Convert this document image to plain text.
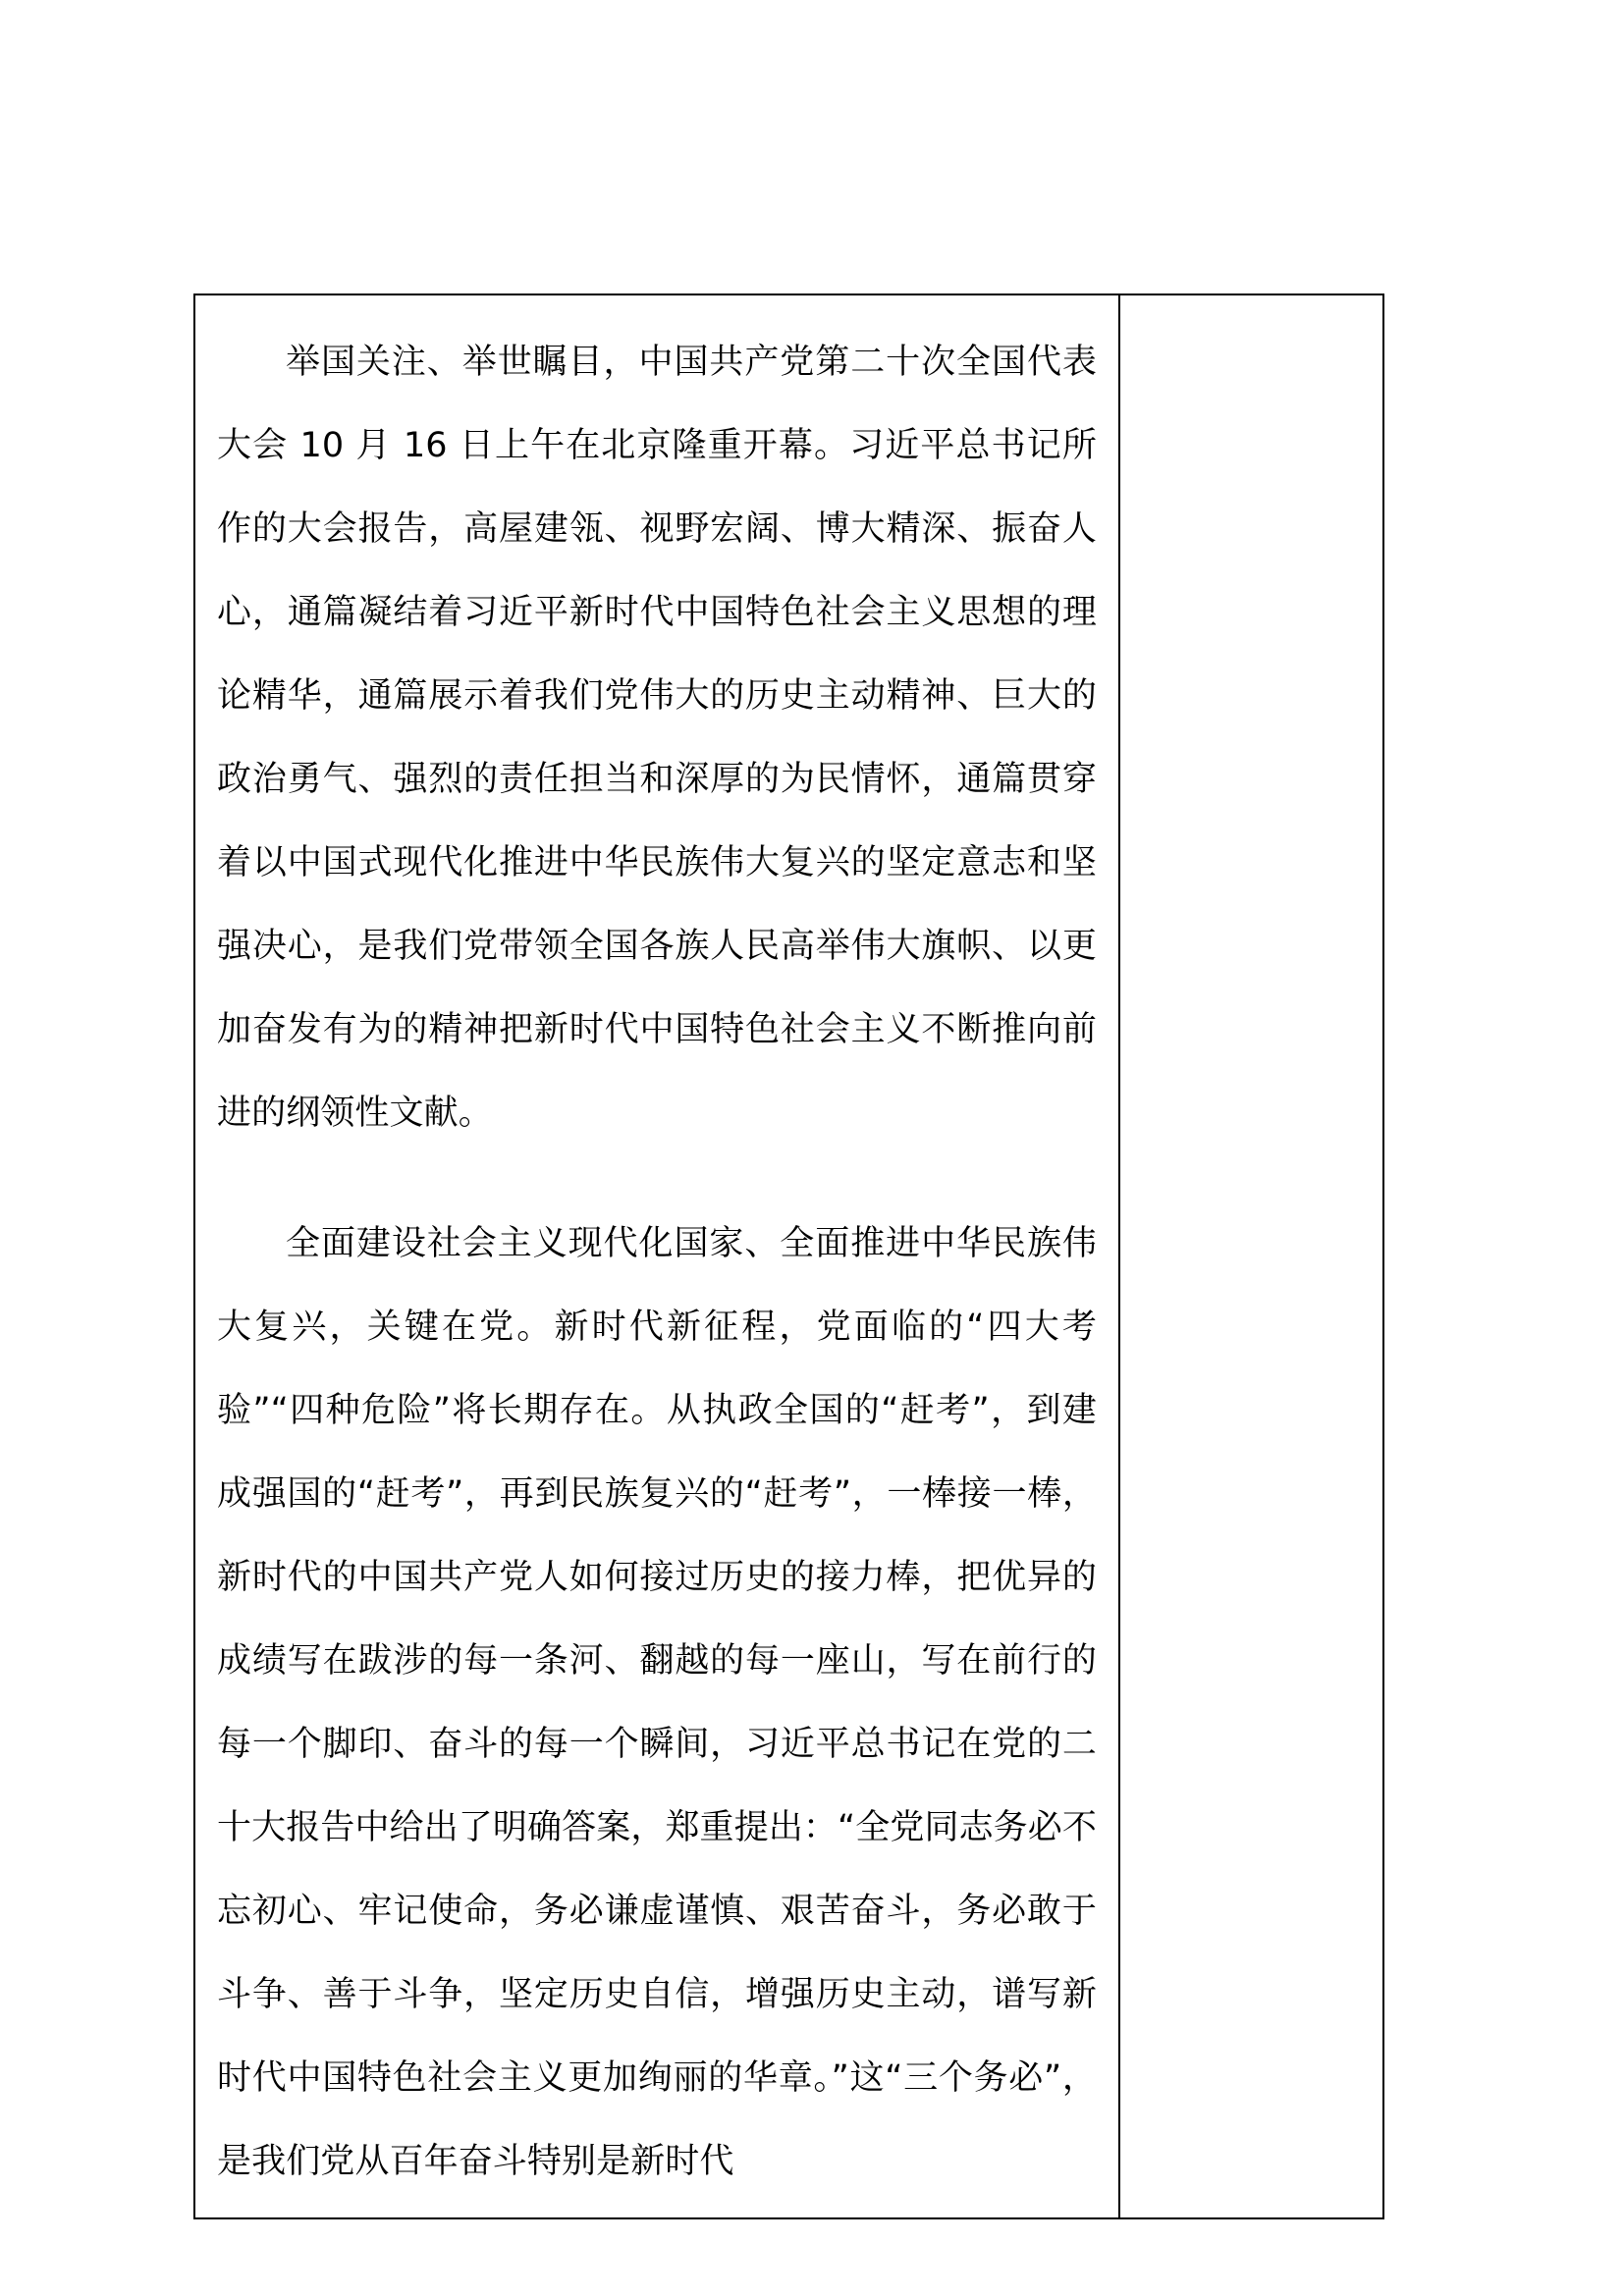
举国关注、举世瞩目，中国共产党第二十次全国代表大会 10 月 16 日上午在北京隆重开幕。习近平总书记所作的大会报告，高屋建瓴、视野宏阔、博大精深、振奋人心，通篇凝结着习近平新时代中国特色社会主义思想的理论精华，通篇展示着我们党伟大的历史主动精神、巨大的政治勇气、强烈的责任担当和深厚的为民情怀，通篇贯穿着以中国式现代化推进中华民族伟大复兴的坚定意志和坚强决心，是我们党带领全国各族人民高举伟大旗帜、以更加奋发有为的精神把新时代中国特色社会主义不断推向前进的纲领性文献。

全面建设社会主义现代化国家、全面推进中华民族伟大复兴，关键在党。新时代新征程，党面临的“四大考验”“四种危险”将长期存在。从执政全国的“赶考”，到建成强国的“赶考”，再到民族复兴的“赶考”，一棒接一棒，新时代的中国共产党人如何接过历史的接力棒，把优异的成绩写在跋涉的每一条河、翻越的每一座山，写在前行的每一个脚印、奋斗的每一个瞬间，习近平总书记在党的二十大报告中给出了明确答案，郑重提出：“全党同志务必不忘初心、牢记使命，务必谦虚谨慎、艰苦奋斗，务必敢于斗争、善于斗争，坚定历史自信，增强历史主动，谱写新时代中国特色社会主义更加绚丽的华章。”这“三个务必”，是我们党从百年奋斗特别是新时代
